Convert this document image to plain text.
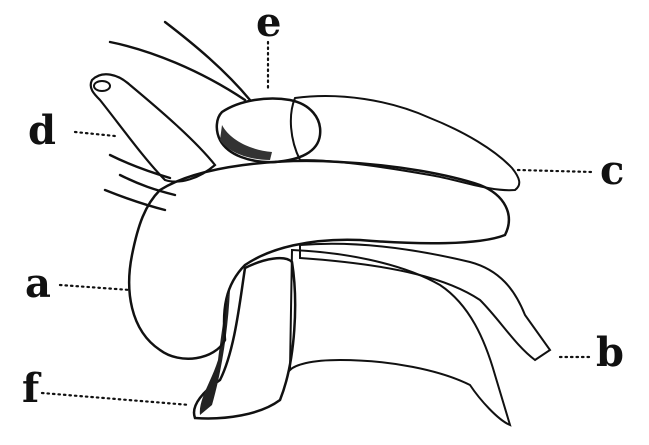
e
d
c
a
b
f
